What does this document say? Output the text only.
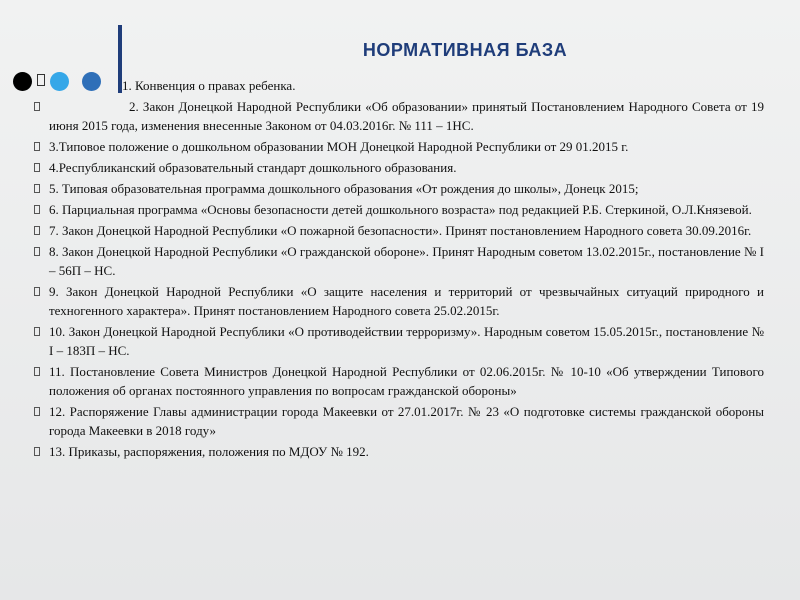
НОРМАТИВНАЯ БАЗА
1. Конвенция о правах ребенка.
2. Закон Донецкой Народной Республики «Об образовании» принятый Постановлением Народного Совета от 19 июня 2015 года, изменения внесенные Законом от 04.03.2016г. № 111 – 1НС.
3.Типовое положение о дошкольном образовании МОН Донецкой Народной Республики от 29 01.2015 г.
4.Республиканский образовательный стандарт дошкольного образования.
5. Типовая образовательная программа дошкольного образования «От рождения до школы», Донецк 2015;
6. Парциальная программа «Основы безопасности детей дошкольного возраста» под редакцией Р.Б. Стеркиной, О.Л.Князевой.
7. Закон Донецкой Народной Республики «О пожарной безопасности». Принят постановлением Народного совета 30.09.2016г.
8. Закон Донецкой Народной Республики «О гражданской обороне». Принят Народным советом 13.02.2015г., постановление № I – 56П – НС.
9. Закон Донецкой Народной Республики «О защите населения и территорий от чрезвычайных ситуаций природного и техногенного характера». Принят постановлением Народного совета 25.02.2015г.
10. Закон Донецкой Народной Республики «О противодействии терроризму». Народным советом 15.05.2015г., постановление № I – 183П – НС.
11. Постановление Совета Министров Донецкой Народной Республики от 02.06.2015г. № 10-10 «Об утверждении Типового положения об органах постоянного управления по вопросам гражданской обороны»
12. Распоряжение Главы администрации города Макеевки от 27.01.2017г. № 23 «О подготовке системы гражданской обороны города Макеевки в 2018 году»
13. Приказы, распоряжения, положения по МДОУ № 192.
